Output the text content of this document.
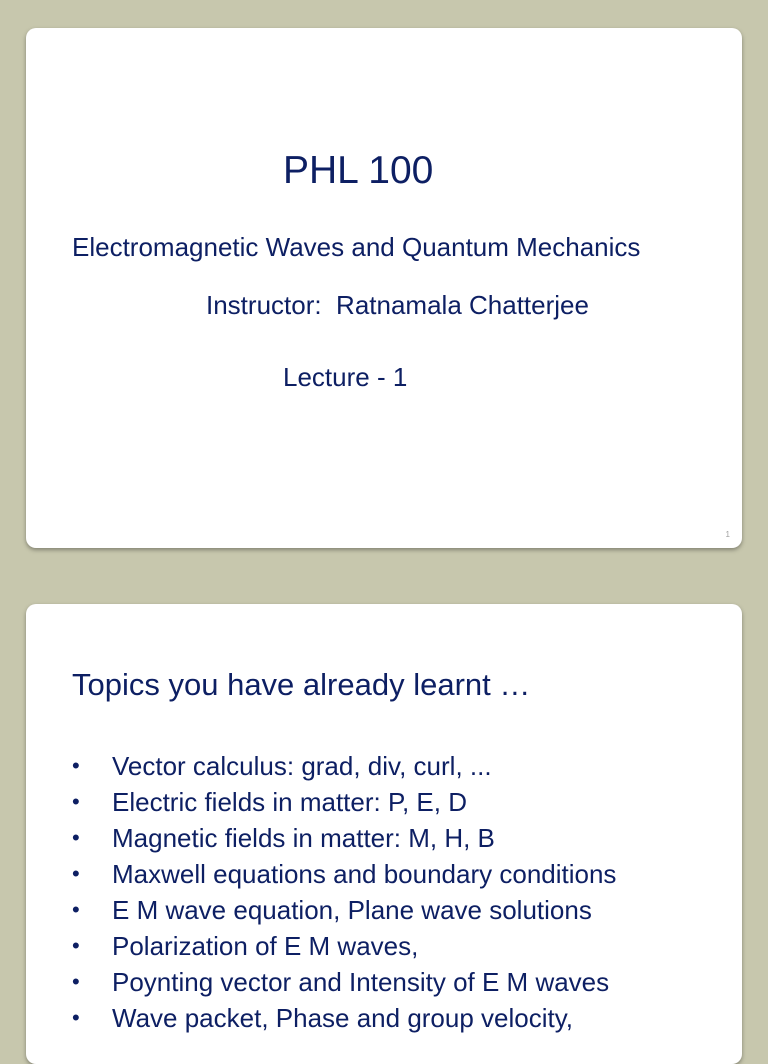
PHL 100
Electromagnetic Waves and Quantum Mechanics
Instructor:  Ratnamala Chatterjee
Lecture - 1
1
Topics you have already learnt …
•	Vector calculus: grad, div, curl, ...
•	Electric fields in matter: P, E, D
•	Magnetic fields in matter: M, H, B
•	Maxwell equations and boundary conditions
•	E M wave equation, Plane wave solutions
•	Polarization of E M waves,
•	Poynting vector and Intensity of E M waves
•	Wave packet, Phase and group velocity,
